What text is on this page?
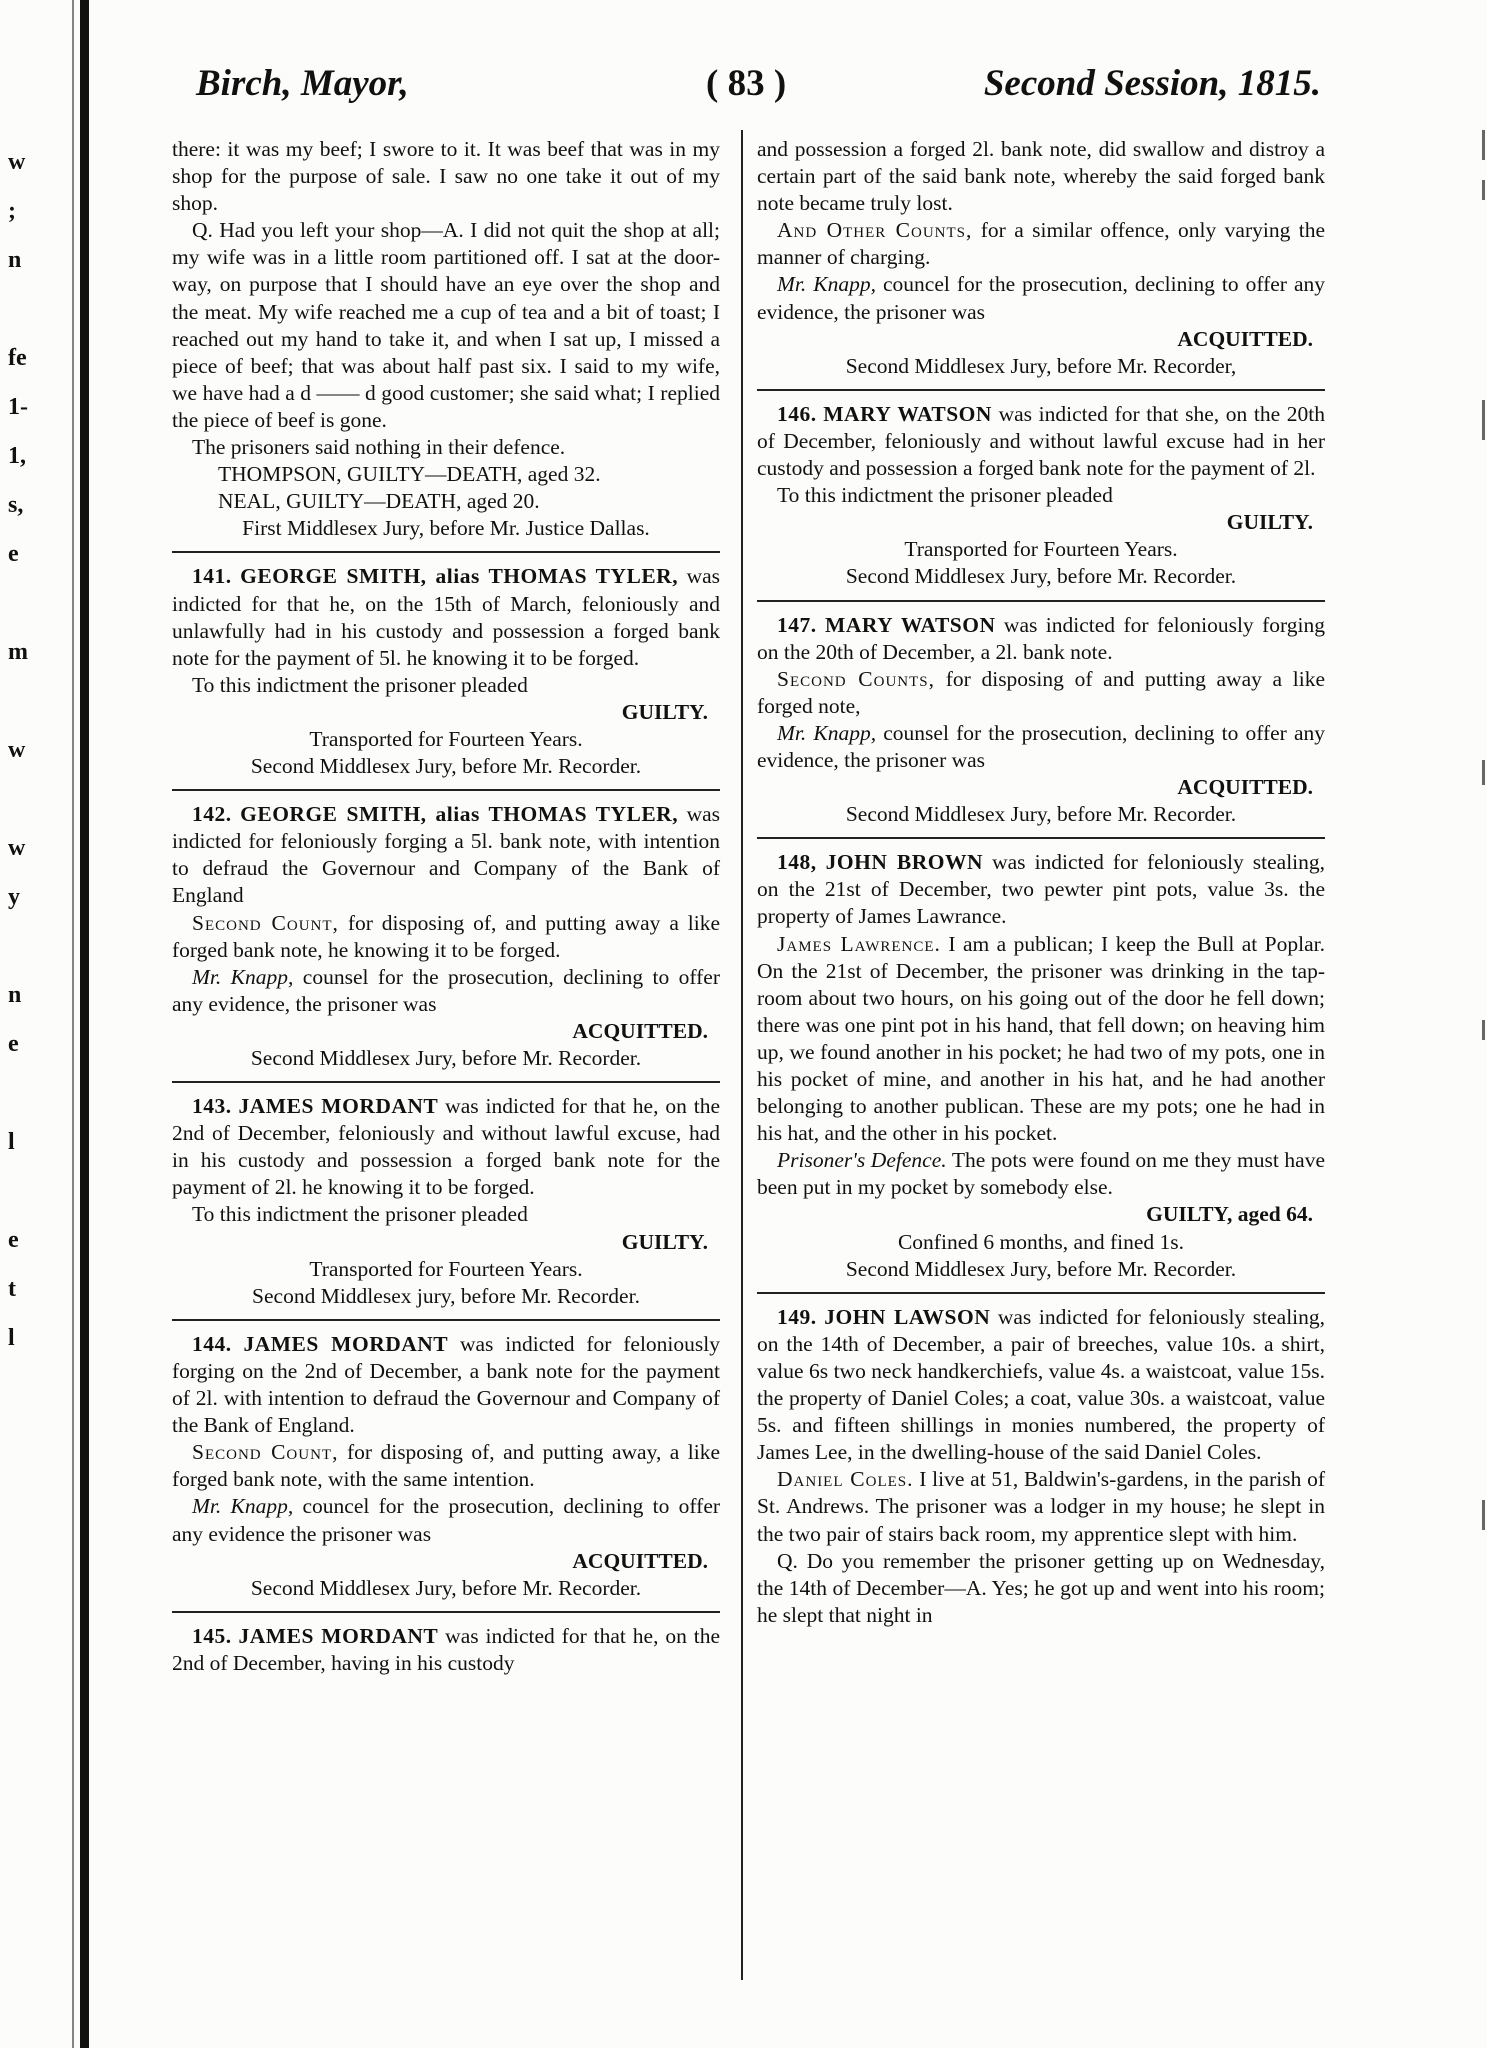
w
;
n
fe
1-
1,
s,
e
m
w
w
y
n
e
l
e
t
l
Birch, Mayor,	( 83 )	Second Session, 1815.

there: it was my beef; I swore to it. It was beef that was in my shop for the purpose of sale. I saw no one take it out of my shop.

Q. Had you left your shop—A. I did not quit the shop at all; my wife was in a little room partitioned off. I sat at the door-way, on purpose that I should have an eye over the shop and the meat. My wife reached me a cup of tea and a bit of toast; I reached out my hand to take it, and when I sat up, I missed a piece of beef; that was about half past six. I said to my wife, we have had a d —— d good customer; she said what; I replied the piece of beef is gone.

The prisoners said nothing in their defence.

THOMPSON, GUILTY—DEATH, aged 32.

NEAL, GUILTY—DEATH, aged 20.

First Middlesex Jury, before Mr. Justice Dallas.

141. GEORGE SMITH, alias THOMAS TYLER, was indicted for that he, on the 15th of March, feloniously and unlawfully had in his custody and possession a forged bank note for the payment of 5l. he knowing it to be forged.

To this indictment the prisoner pleaded

GUILTY.

Transported for Fourteen Years.

Second Middlesex Jury, before Mr. Recorder.

142. GEORGE SMITH, alias THOMAS TYLER, was indicted for feloniously forging a 5l. bank note, with intention to defraud the Governour and Company of the Bank of England

Second Count, for disposing of, and putting away a like forged bank note, he knowing it to be forged.

Mr. Knapp, counsel for the prosecution, declining to offer any evidence, the prisoner was

ACQUITTED.

Second Middlesex Jury, before Mr. Recorder.

143. JAMES MORDANT was indicted for that he, on the 2nd of December, feloniously and without lawful excuse, had in his custody and possession a forged bank note for the payment of 2l. he knowing it to be forged.

To this indictment the prisoner pleaded

GUILTY.

Transported for Fourteen Years.

Second Middlesex jury, before Mr. Recorder.

144. JAMES MORDANT was indicted for feloniously forging on the 2nd of December, a bank note for the payment of 2l. with intention to defraud the Governour and Company of the Bank of England.

Second Count, for disposing of, and putting away, a like forged bank note, with the same intention.

Mr. Knapp, councel for the prosecution, declining to offer any evidence the prisoner was

ACQUITTED.

Second Middlesex Jury, before Mr. Recorder.

145. JAMES MORDANT was indicted for that he, on the 2nd of December, having in his custody

and possession a forged 2l. bank note, did swallow and distroy a certain part of the said bank note, whereby the said forged bank note became truly lost.

And Other Counts, for a similar offence, only varying the manner of charging.

Mr. Knapp, councel for the prosecution, declining to offer any evidence, the prisoner was

ACQUITTED.

Second Middlesex Jury, before Mr. Recorder,

146. MARY WATSON was indicted for that she, on the 20th of December, feloniously and without lawful excuse had in her custody and possession a forged bank note for the payment of 2l.

To this indictment the prisoner pleaded

GUILTY.

Transported for Fourteen Years.

Second Middlesex Jury, before Mr. Recorder.

147. MARY WATSON was indicted for feloniously forging on the 20th of December, a 2l. bank note.

Second Counts, for disposing of and putting away a like forged note,

Mr. Knapp, counsel for the prosecution, declining to offer any evidence, the prisoner was

ACQUITTED.

Second Middlesex Jury, before Mr. Recorder.

148, JOHN BROWN was indicted for feloniously stealing, on the 21st of December, two pewter pint pots, value 3s. the property of James Lawrance.

James Lawrence. I am a publican; I keep the Bull at Poplar. On the 21st of December, the prisoner was drinking in the tap-room about two hours, on his going out of the door he fell down; there was one pint pot in his hand, that fell down; on heaving him up, we found another in his pocket; he had two of my pots, one in his pocket of mine, and another in his hat, and he had another belonging to another publican. These are my pots; one he had in his hat, and the other in his pocket.

Prisoner's Defence. The pots were found on me they must have been put in my pocket by somebody else.

GUILTY, aged 64.

Confined 6 months, and fined 1s.

Second Middlesex Jury, before Mr. Recorder.

149. JOHN LAWSON was indicted for feloniously stealing, on the 14th of December, a pair of breeches, value 10s. a shirt, value 6s two neck handkerchiefs, value 4s. a waistcoat, value 15s. the property of Daniel Coles; a coat, value 30s. a waistcoat, value 5s. and fifteen shillings in monies numbered, the property of James Lee, in the dwelling-house of the said Daniel Coles.

Daniel Coles. I live at 51, Baldwin's-gardens, in the parish of St. Andrews. The prisoner was a lodger in my house; he slept in the two pair of stairs back room, my apprentice slept with him.

Q. Do you remember the prisoner getting up on Wednesday, the 14th of December—A. Yes; he got up and went into his room; he slept that night in
